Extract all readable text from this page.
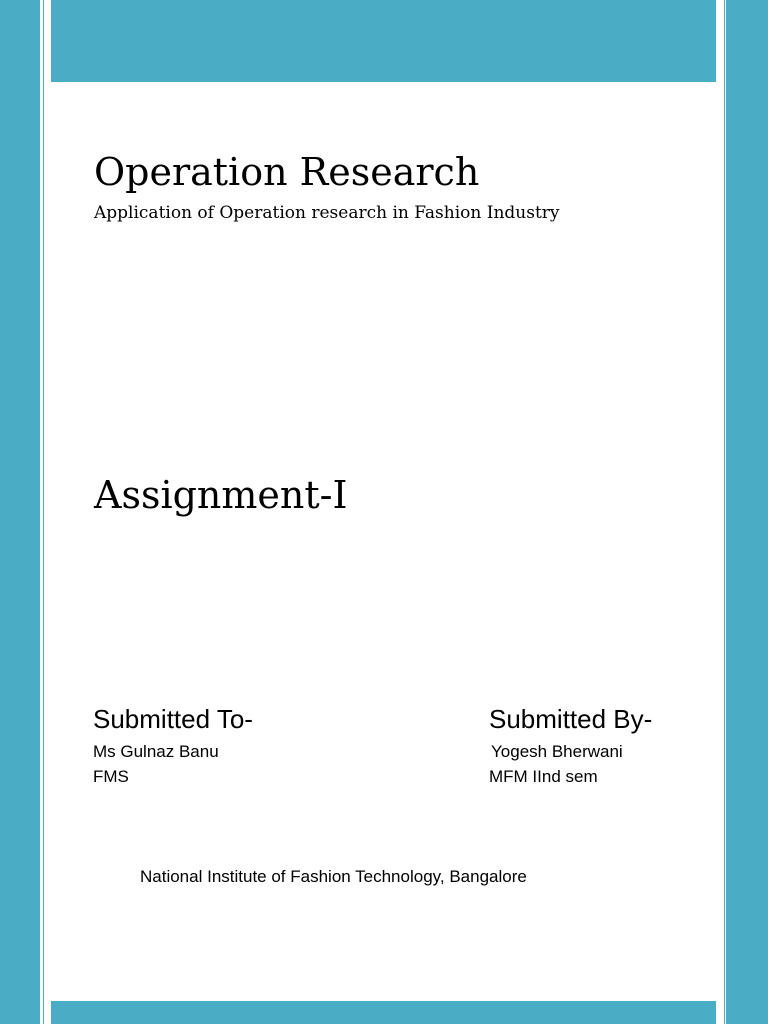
Operation Research

Application of Operation research in Fashion Industry

Assignment-I
Submitted To-
Ms Gulnaz Banu
FMS
Submitted By-
Yogesh Bherwani
MFM IInd sem
National Institute of Fashion Technology, Bangalore
